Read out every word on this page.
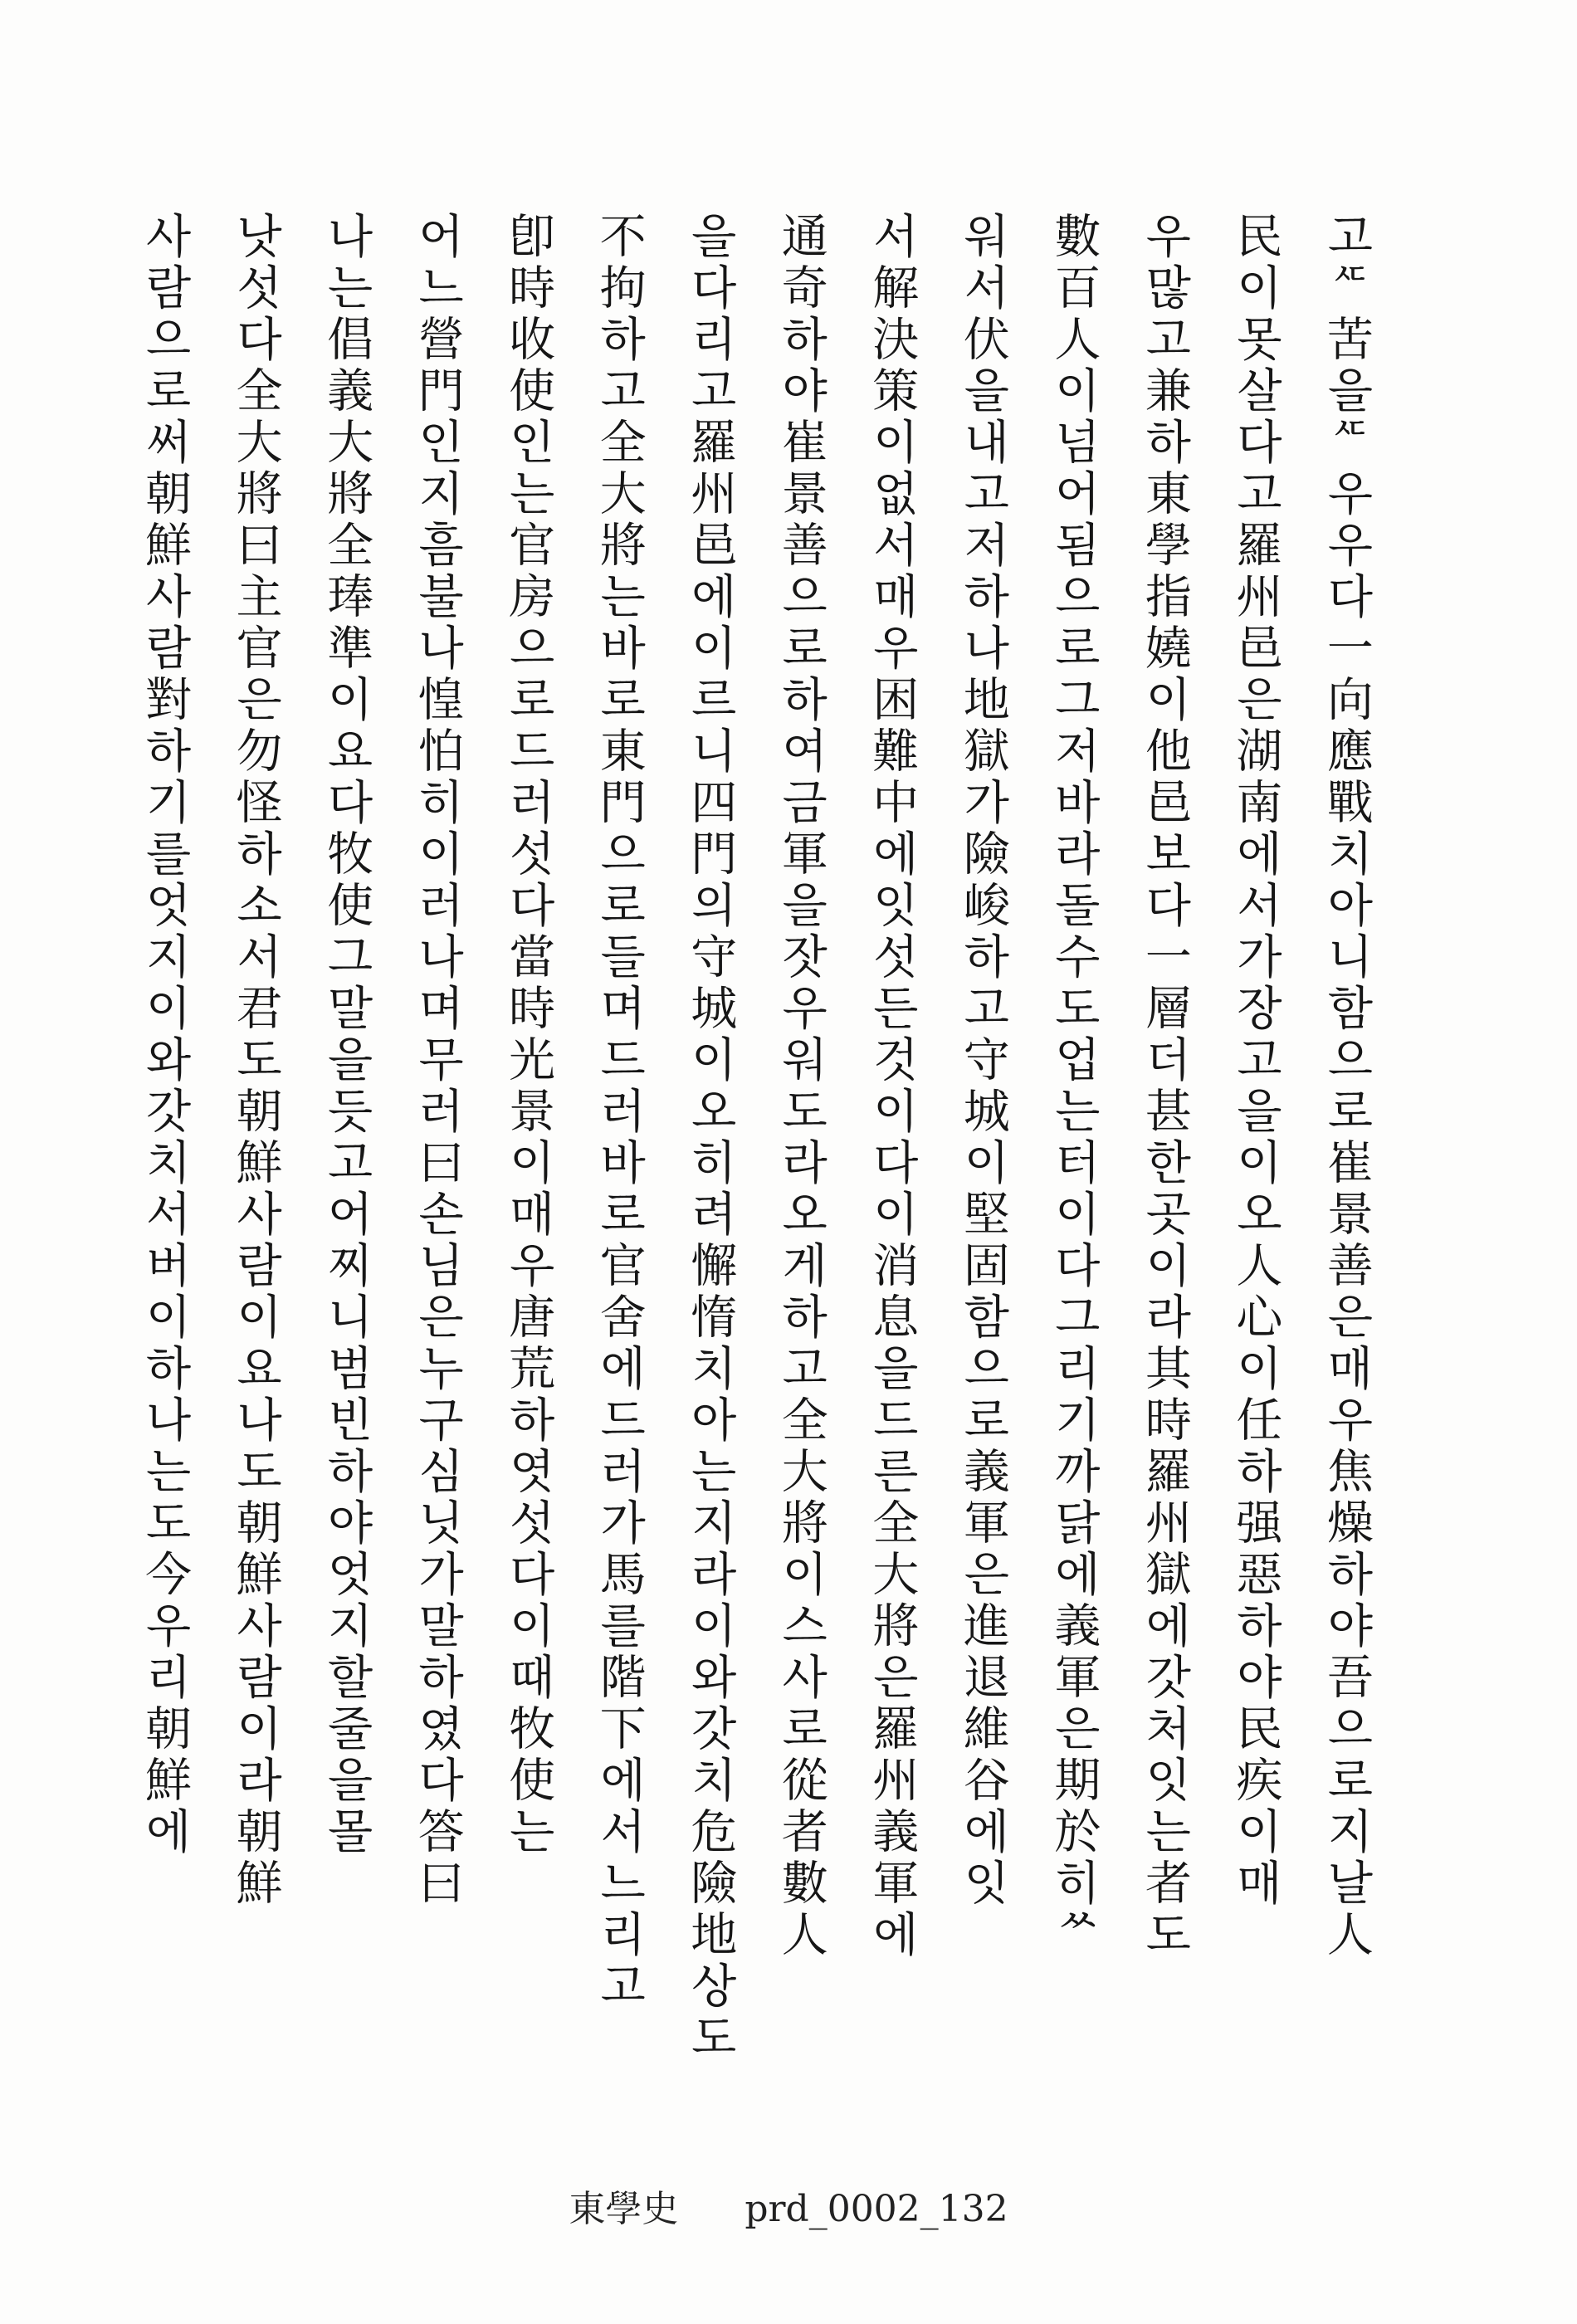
고ᄯ苦을ᄯ우우다一向應戰치아니함으로崔景善은매우焦燥하야吾으로지날人
民이못살다고羅州邑은湖南에서가장고을이오人心이任하强惡하야民疾이매
우많고兼하東學指嬈이他邑보다一層더甚한곳이라其時羅州獄에갓처잇는者도
數百人이넘어됨으로그저바라돌수도업는터이다그리기까닭에義軍은期於히ᄊ
워서伏을내고저하나地獄가險峻하고守城이堅固함으로義軍은進退維谷에잇
서解決策이없서매우困難中에잇섯든것이다이消息을드른全大將은羅州義軍에
通奇하야崔景善으로하여금軍을잣우워도라오게하고全大將이스사로從者數人
을다리고羅州邑에이르니四門의守城이오히려懈惰치아는지라이와갓치危險地상도
不拘하고全大將는바로東門으로들며드러바로官舍에드러가馬를階下에서느리고
卽時收使인는官房으로드러섯다當時光景이매우唐荒하엿섯다이때牧使는
어느營門인지흠불나惶怕히이러나며무러曰손님은누구심닛가말하였다答曰
나는倡義大將全琫準이요다牧使그말을듯고어찌니범빈하야엇지할줄을몰
낫섯다全大將曰主官은勿怪하소서君도朝鮮사람이요나도朝鮮사람이라朝鮮
사람으로써朝鮮사람對하기를엇지이와갓치서버이하나는도今우리朝鮮에
東學史 prd_0002_132
